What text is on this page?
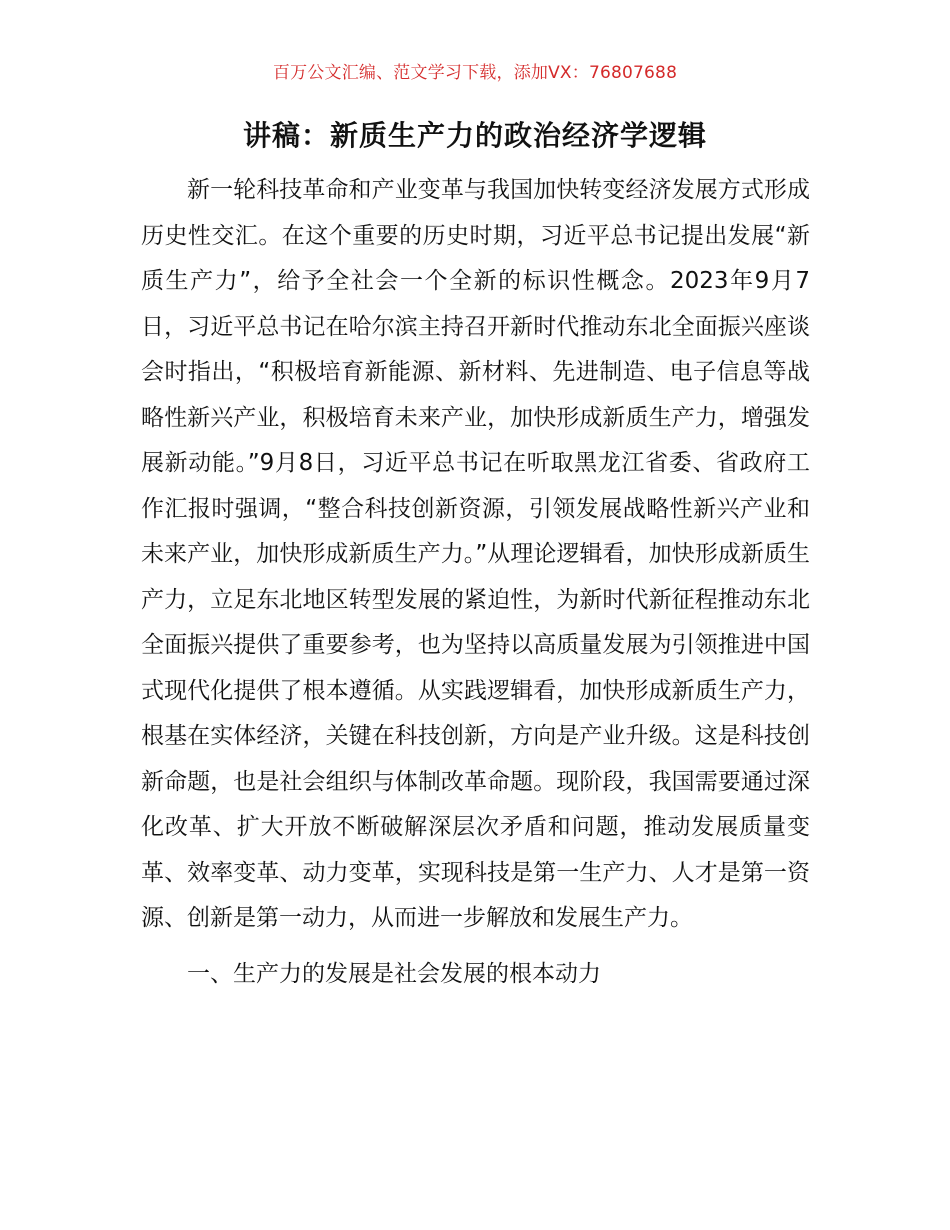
百万公文汇编、范文学习下载，添加VX：76807688
讲稿：新质生产力的政治经济学逻辑

新一轮科技革命和产业变革与我国加快转变经济发展方式形成历史性交汇。在这个重要的历史时期，习近平总书记提出发展“新质生产力”，给予全社会一个全新的标识性概念。2023年9月7日，习近平总书记在哈尔滨主持召开新时代推动东北全面振兴座谈会时指出，“积极培育新能源、新材料、先进制造、电子信息等战略性新兴产业，积极培育未来产业，加快形成新质生产力，增强发展新动能。”9月8日，习近平总书记在听取黑龙江省委、省政府工作汇报时强调，“整合科技创新资源，引领发展战略性新兴产业和未来产业，加快形成新质生产力。”从理论逻辑看，加快形成新质生产力，立足东北地区转型发展的紧迫性，为新时代新征程推动东北全面振兴提供了重要参考，也为坚持以高质量发展为引领推进中国式现代化提供了根本遵循。从实践逻辑看，加快形成新质生产力，根基在实体经济，关键在科技创新，方向是产业升级。这是科技创新命题，也是社会组织与体制改革命题。现阶段，我国需要通过深化改革、扩大开放不断破解深层次矛盾和问题，推动发展质量变革、效率变革、动力变革，实现科技是第一生产力、人才是第一资源、创新是第一动力，从而进一步解放和发展生产力。

一、生产力的发展是社会发展的根本动力
